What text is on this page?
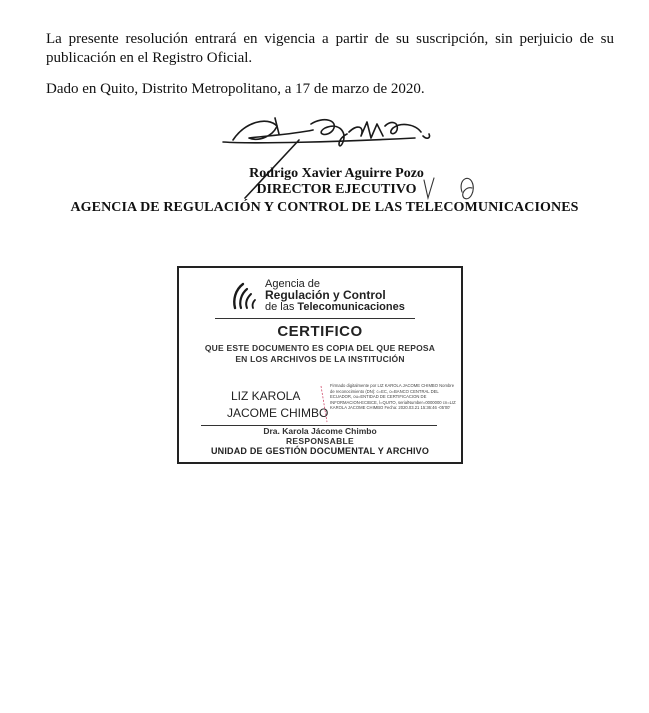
La presente resolución entrará en vigencia a partir de su suscripción, sin perjuicio de su publicación en el Registro Oficial.

Dado en Quito, Distrito Metropolitano, a 17 de marzo de 2020.

Rodrigo Xavier Aguirre Pozo
DIRECTOR EJECUTIVO
AGENCIA DE REGULACIÓN Y CONTROL DE LAS TELECOMUNICACIONES
Agencia de
Regulación y Control
de las Telecomunicaciones
CERTIFICO
QUE ESTE DOCUMENTO ES COPIA DEL QUE REPOSA
EN LOS ARCHIVOS DE LA INSTITUCIÓN
LIZ KAROLA
JACOME CHIMBO
Firmado digitalmente por LIZ KAROLA JACOME CHIMBO Nombre de reconocimiento (DN): c=EC, o=BANCO CENTRAL DEL ECUADOR, ou=ENTIDAD DE CERTIFICACION DE INFORMACION-ECIBCE, l=QUITO, serialNumber=0000000 cn=LIZ KAROLA JACOME CHIMBO Fecha: 2020.03.21 15:36:46 -05'00'
Dra. Karola Jácome Chimbo
RESPONSABLE
UNIDAD DE GESTIÓN DOCUMENTAL Y ARCHIVO
